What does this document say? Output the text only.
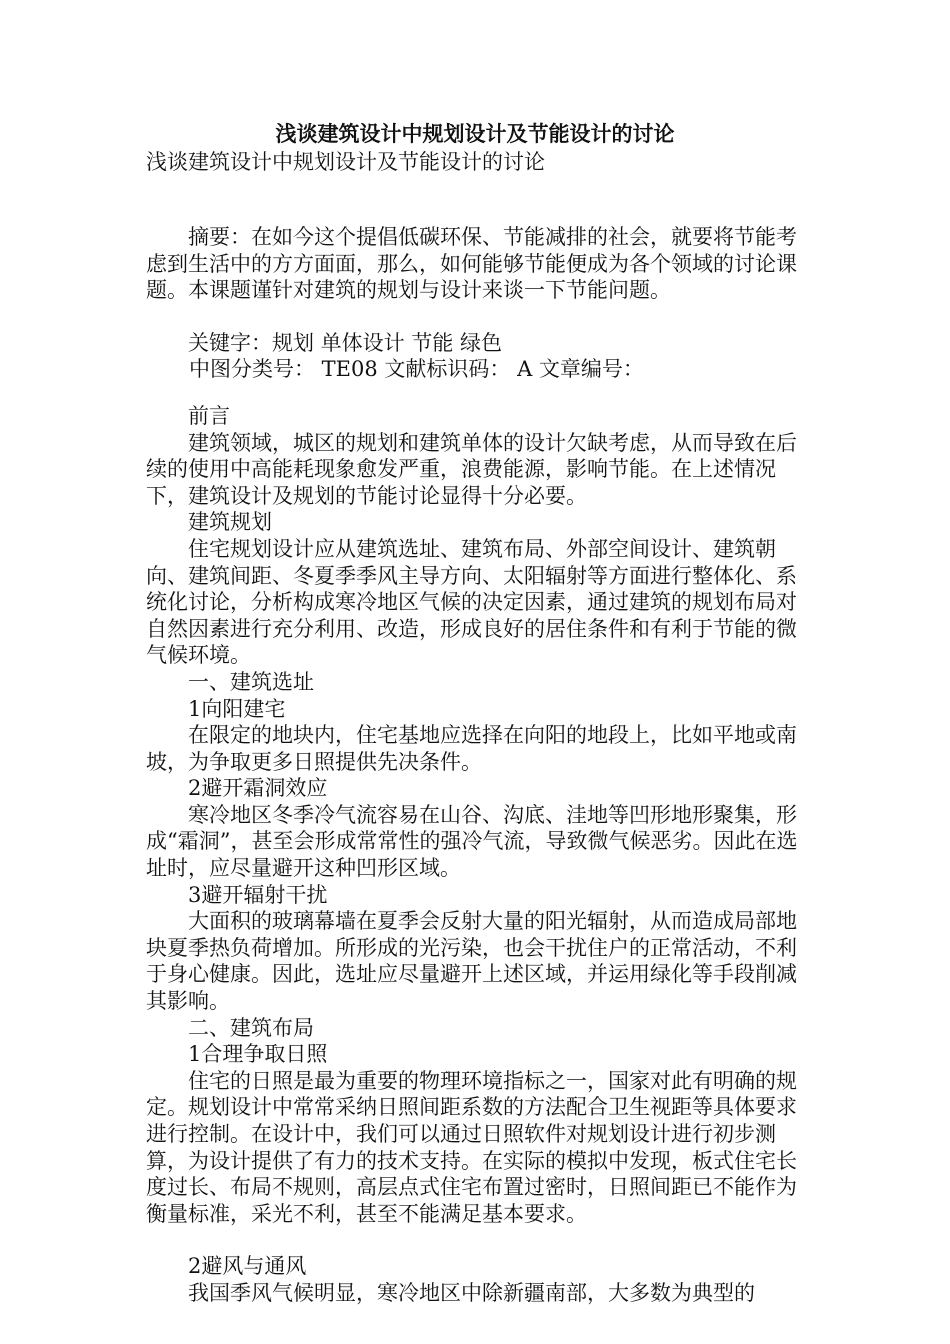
浅谈建筑设计中规划设计及节能设计的讨论
浅谈建筑设计中规划设计及节能设计的讨论

摘要：在如今这个提倡低碳环保、节能减排的社会，就要将节能考虑到生活中的方方面面，那么，如何能够节能便成为各个领域的讨论课题。本课题谨针对建筑的规划与设计来谈一下节能问题。

关键字：规划 单体设计 节能 绿色

中图分类号： TE08 文献标识码： A 文章编号：

前言

建筑领域，城区的规划和建筑单体的设计欠缺考虑，从而导致在后续的使用中高能耗现象愈发严重，浪费能源，影响节能。在上述情况下，建筑设计及规划的节能讨论显得十分必要。

建筑规划

住宅规划设计应从建筑选址、建筑布局、外部空间设计、建筑朝向、建筑间距、冬夏季季风主导方向、太阳辐射等方面进行整体化、系统化讨论，分析构成寒冷地区气候的决定因素，通过建筑的规划布局对自然因素进行充分利用、改造，形成良好的居住条件和有利于节能的微气候环境。

一、建筑选址

1向阳建宅

在限定的地块内，住宅基地应选择在向阳的地段上，比如平地或南坡，为争取更多日照提供先决条件。

2避开霜洞效应

寒冷地区冬季冷气流容易在山谷、沟底、洼地等凹形地形聚集，形成“霜洞”，甚至会形成常常性的强冷气流，导致微气候恶劣。因此在选址时，应尽量避开这种凹形区域。

3避开辐射干扰

大面积的玻璃幕墙在夏季会反射大量的阳光辐射，从而造成局部地块夏季热负荷增加。所形成的光污染，也会干扰住户的正常活动，不利于身心健康。因此，选址应尽量避开上述区域，并运用绿化等手段削减其影响。

二、建筑布局

1合理争取日照

住宅的日照是最为重要的物理环境指标之一，国家对此有明确的规定。规划设计中常常采纳日照间距系数的方法配合卫生视距等具体要求进行控制。在设计中，我们可以通过日照软件对规划设计进行初步测算，为设计提供了有力的技术支持。在实际的模拟中发现，板式住宅长度过长、布局不规则，高层点式住宅布置过密时，日照间距已不能作为衡量标准，采光不利，甚至不能满足基本要求。

2避风与通风

我国季风气候明显，寒冷地区中除新疆南部，大多数为典型的
